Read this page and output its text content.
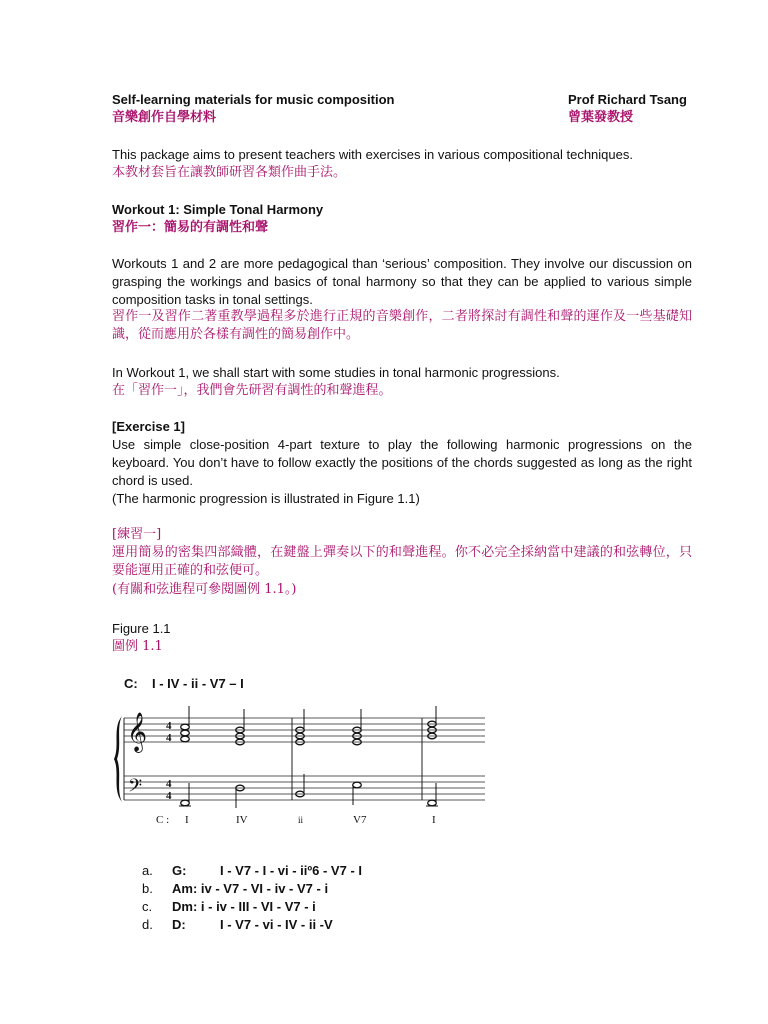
Self-learning materials for music composition	Prof Richard Tsang
音樂創作自學材料	曾葉發教授
This package aims to present teachers with exercises in various compositional techniques.
本教材套旨在讓教師研習各類作曲手法。
Workout 1: Simple Tonal Harmony
習作一：簡易的有調性和聲
Workouts 1 and 2 are more pedagogical than ‘serious’ composition. They involve our discussion on grasping the workings and basics of tonal harmony so that they can be applied to various simple composition tasks in tonal settings.
習作一及習作二著重教學過程多於進行正規的音樂創作，二者將探討有調性和聲的運作及一些基礎知識，從而應用於各樣有調性的簡易創作中。
In Workout 1, we shall start with some studies in tonal harmonic progressions.
在「習作一」，我們會先研習有調性的和聲進程。
[Exercise 1]
Use simple close-position 4-part texture to play the following harmonic progressions on the keyboard. You don’t have to follow exactly the positions of the chords suggested as long as the right chord is used.
(The harmonic progression is illustrated in Figure 1.1)
[練習一]
運用簡易的密集四部織體，在鍵盤上彈奏以下的和聲進程。你不必完全採納當中建議的和弦轉位，只要能運用正確的和弦便可。
(有關和弦進程可參閱圖例 1.1。)
Figure 1.1
圖例 1.1
C: I - IV - ii - V7 – I
𝄞
𝄢
4
4
4
4
C : I	IV	ii	V7	I
a. G:	I - V7 - I - vi - iiº6 - V7 - I
b. Am: iv - V7 - VI - iv - V7 - i
c. Dm: i - iv - III - VI - V7 - i
d. D:	I - V7 - vi - IV - ii -V
